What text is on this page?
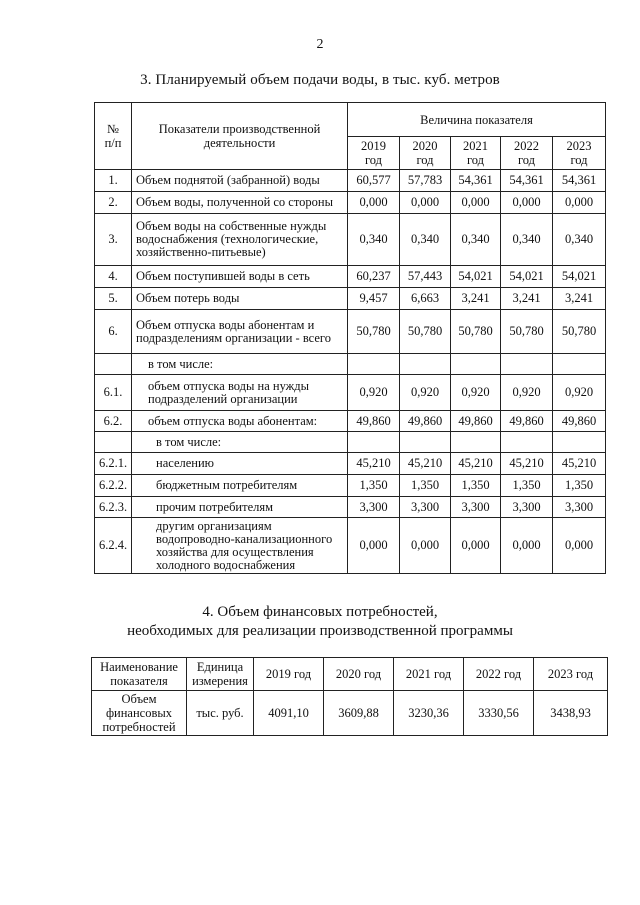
2
3. Планируемый объем подачи воды, в тыс. куб. метров
№ п/п	Показатели производственной деятельности	Величина показателя				
		2019 год	2020 год	2021 год	2022 год	2023 год
1.	Объем поднятой (забранной) воды	60,577	57,783	54,361	54,361	54,361
2.	Объем воды, полученной со стороны	0,000	0,000	0,000	0,000	0,000
3.	Объем воды на собственные нужды водоснабжения (технологические, хозяйственно-питьевые)	0,340	0,340	0,340	0,340	0,340
4.	Объем поступившей воды в сеть	60,237	57,443	54,021	54,021	54,021
5.	Объем потерь воды	9,457	6,663	3,241	3,241	3,241
6.	Объем отпуска воды абонентам и подразделениям организации - всего	50,780	50,780	50,780	50,780	50,780
	в том числе:					
6.1.	объем отпуска воды на нужды подразделений организации	0,920	0,920	0,920	0,920	0,920
6.2.	объем отпуска воды абонентам:	49,860	49,860	49,860	49,860	49,860
	в том числе:					
6.2.1.	населению	45,210	45,210	45,210	45,210	45,210
6.2.2.	бюджетным потребителям	1,350	1,350	1,350	1,350	1,350
6.2.3.	прочим потребителям	3,300	3,300	3,300	3,300	3,300
6.2.4.	другим организациям водопроводно-канализационного хозяйства для осуществления холодного водоснабжения	0,000	0,000	0,000	0,000	0,000
4. Объем финансовых потребностей,
необходимых для реализации производственной программы
Наименование показателя	Единица измерения	2019 год	2020 год	2021 год	2022 год	2023 год
Объем финансовых потребностей	тыс. руб.	4091,10	3609,88	3230,36	3330,56	3438,93
